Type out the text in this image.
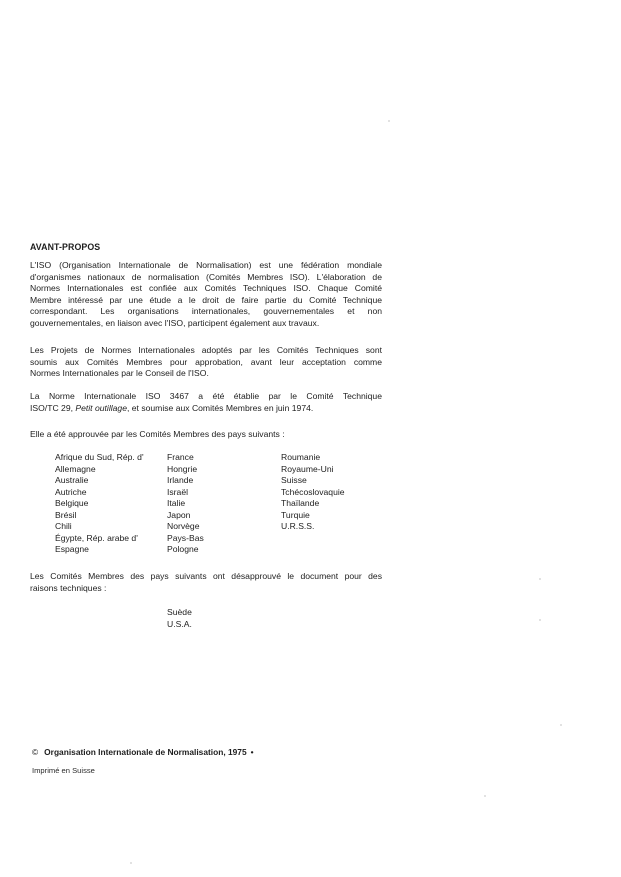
AVANT-PROPOS
L'ISO (Organisation Internationale de Normalisation) est une fédération mondiale
d'organismes nationaux de normalisation (Comités Membres ISO). L'élaboration de
Normes Internationales est confiée aux Comités Techniques ISO. Chaque Comité
Membre intéressé par une étude a le droit de faire partie du Comité Technique
correspondant. Les organisations internationales, gouvernementales et non
gouvernementales, en liaison avec l'ISO, participent également aux travaux.
Les Projets de Normes Internationales adoptés par les Comités Techniques sont
soumis aux Comités Membres pour approbation, avant leur acceptation comme
Normes Internationales par le Conseil de l'ISO.
La Norme Internationale ISO 3467 a été établie par le Comité Technique
ISO/TC 29, Petit outillage, et soumise aux Comités Membres en juin 1974.
Elle a été approuvée par les Comités Membres des pays suivants :
Afrique du Sud, Rép. d'
Allemagne
Australie
Autriche
Belgique
Brésil
Chili
Égypte, Rép. arabe d'
Espagne
France
Hongrie
Irlande
Israël
Italie
Japon
Norvège
Pays-Bas
Pologne
Roumanie
Royaume-Uni
Suisse
Tchécoslovaquie
Thaïlande
Turquie
U.R.S.S.
Les Comités Membres des pays suivants ont désapprouvé le document pour des
raisons techniques :
Suède
U.S.A.
© Organisation Internationale de Normalisation, 1975 •
Imprimé en Suisse
